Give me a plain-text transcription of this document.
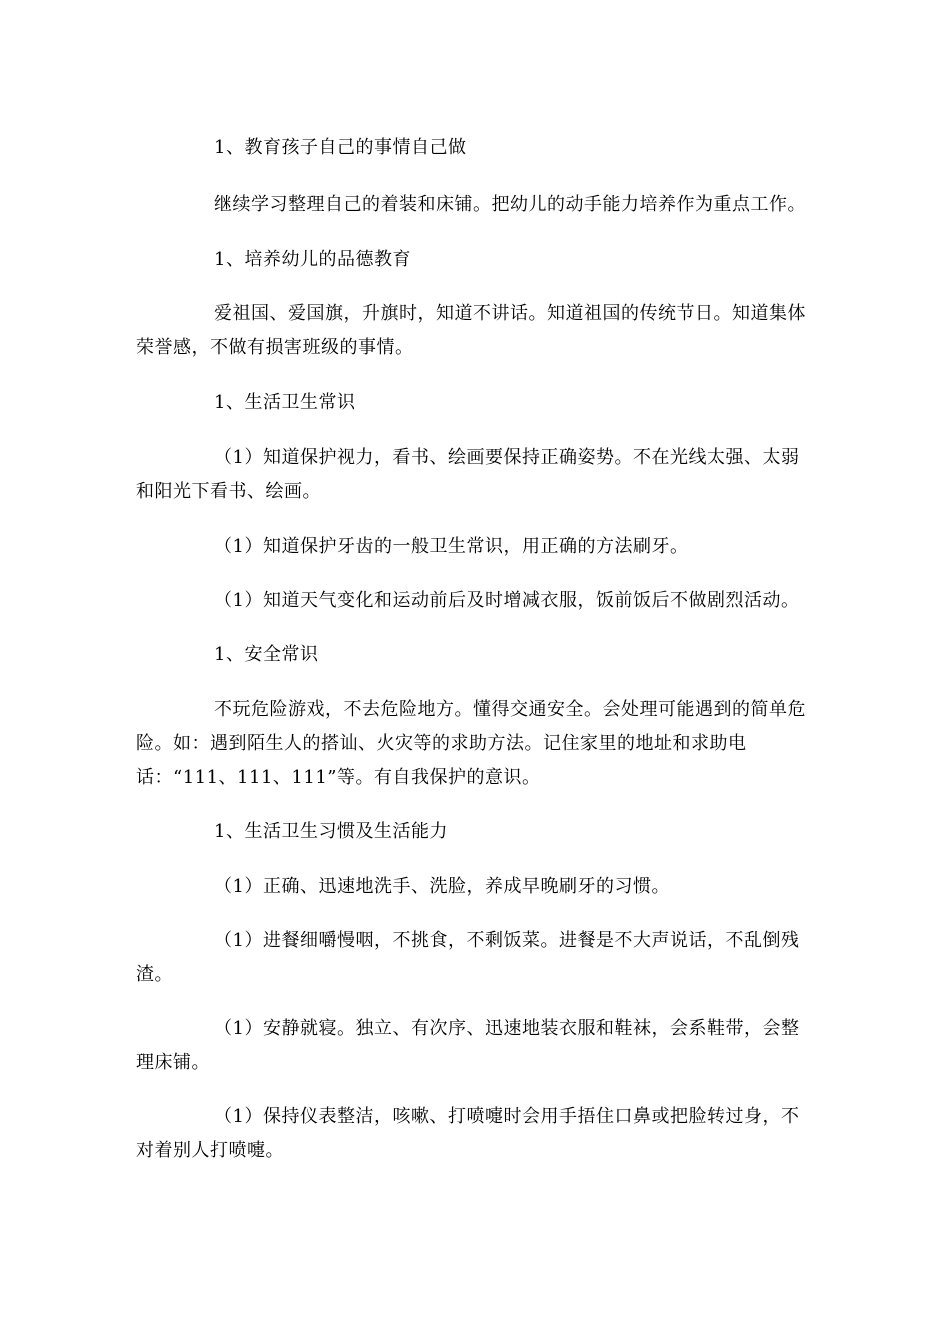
1、教育孩子自己的事情自己做

继续学习整理自己的着装和床铺。把幼儿的动手能力培养作为重点工作。

1、培养幼儿的品德教育

爱祖国、爱国旗，升旗时，知道不讲话。知道祖国的传统节日。知道集体荣誉感，不做有损害班级的事情。

1、生活卫生常识

（1）知道保护视力，看书、绘画要保持正确姿势。不在光线太强、太弱和阳光下看书、绘画。

（1）知道保护牙齿的一般卫生常识，用正确的方法刷牙。

（1）知道天气变化和运动前后及时增减衣服，饭前饭后不做剧烈活动。

1、安全常识

不玩危险游戏，不去危险地方。懂得交通安全。会处理可能遇到的简单危险。如：遇到陌生人的搭讪、火灾等的求助方法。记住家里的地址和求助电话：“111、111、111”等。有自我保护的意识。

1、生活卫生习惯及生活能力

（1）正确、迅速地洗手、洗脸，养成早晚刷牙的习惯。

（1）进餐细嚼慢咽，不挑食，不剩饭菜。进餐是不大声说话，不乱倒残渣。

（1）安静就寝。独立、有次序、迅速地装衣服和鞋袜，会系鞋带，会整理床铺。

（1）保持仪表整洁，咳嗽、打喷嚏时会用手捂住口鼻或把脸转过身，不对着别人打喷嚏。
